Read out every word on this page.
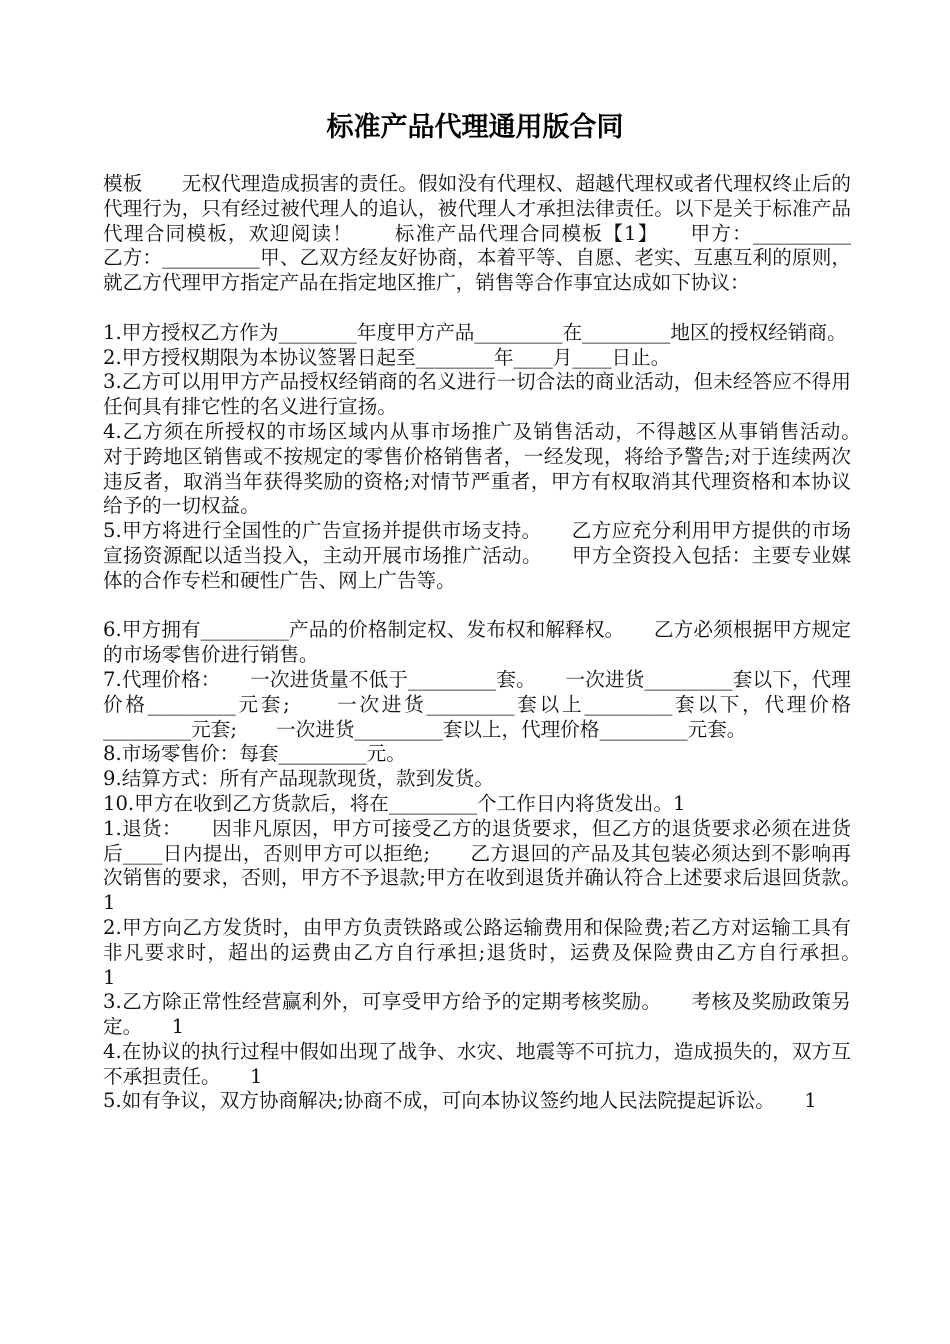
标准产品代理通用版合同

模板　　无权代理造成损害的责任。假如没有代理权、超越代理权或者代理权终止后的代理行为，只有经过被代理人的追认，被代理人才承担法律责任。以下是关于标准产品代理合同模板，欢迎阅读！　　标准产品代理合同模板【1】　　甲方：__________　　乙方：__________甲、乙双方经友好协商，本着平等、自愿、老实、互惠互利的原则，就乙方代理甲方指定产品在指定地区推广，销售等合作事宜达成如下协议：

1.甲方授权乙方作为________年度甲方产品_________在_________地区的授权经销商。

2.甲方授权期限为本协议签署日起至________年____月____日止。

3.乙方可以用甲方产品授权经销商的名义进行一切合法的商业活动，但未经答应不得用任何具有排它性的名义进行宣扬。

4.乙方须在所授权的市场区域内从事市场推广及销售活动，不得越区从事销售活动。　　对于跨地区销售或不按规定的零售价格销售者，一经发现，将给予警告;对于连续两次违反者，取消当年获得奖励的资格;对情节严重者，甲方有权取消其代理资格和本协议给予的一切权益。

5.甲方将进行全国性的广告宣扬并提供市场支持。　　乙方应充分利用甲方提供的市场宣扬资源配以适当投入，主动开展市场推广活动。　　甲方全资投入包括：主要专业媒体的合作专栏和硬性广告、网上广告等。

6.甲方拥有_________产品的价格制定权、发布权和解释权。　　乙方必须根据甲方规定的市场零售价进行销售。

7.代理价格：　　一次进货量不低于_________套。　　一次进货_________套以下，代理价格_________元套;　　一次进货_________套以上_________套以下，代理价格_________元套;　　一次进货_________套以上，代理价格_________元套。

8.市场零售价：每套_________元。

9.结算方式：所有产品现款现货，款到发货。

10.甲方在收到乙方货款后，将在_________个工作日内将货发出。1

1.退货：　　因非凡原因，甲方可接受乙方的退货要求，但乙方的退货要求必须在进货后____日内提出，否则甲方可以拒绝;　　乙方退回的产品及其包装必须达到不影响再次销售的要求，否则，甲方不予退款;甲方在收到退货并确认符合上述要求后退回货款。　　1

2.甲方向乙方发货时，由甲方负责铁路或公路运输费用和保险费;若乙方对运输工具有非凡要求时，超出的运费由乙方自行承担;退货时，运费及保险费由乙方自行承担。　　1

3.乙方除正常性经营赢利外，可享受甲方给予的定期考核奖励。　　考核及奖励政策另定。　　1

4.在协议的执行过程中假如出现了战争、水灾、地震等不可抗力，造成损失的，双方互不承担责任。　　1

5.如有争议，双方协商解决;协商不成，可向本协议签约地人民法院提起诉讼。　　1
